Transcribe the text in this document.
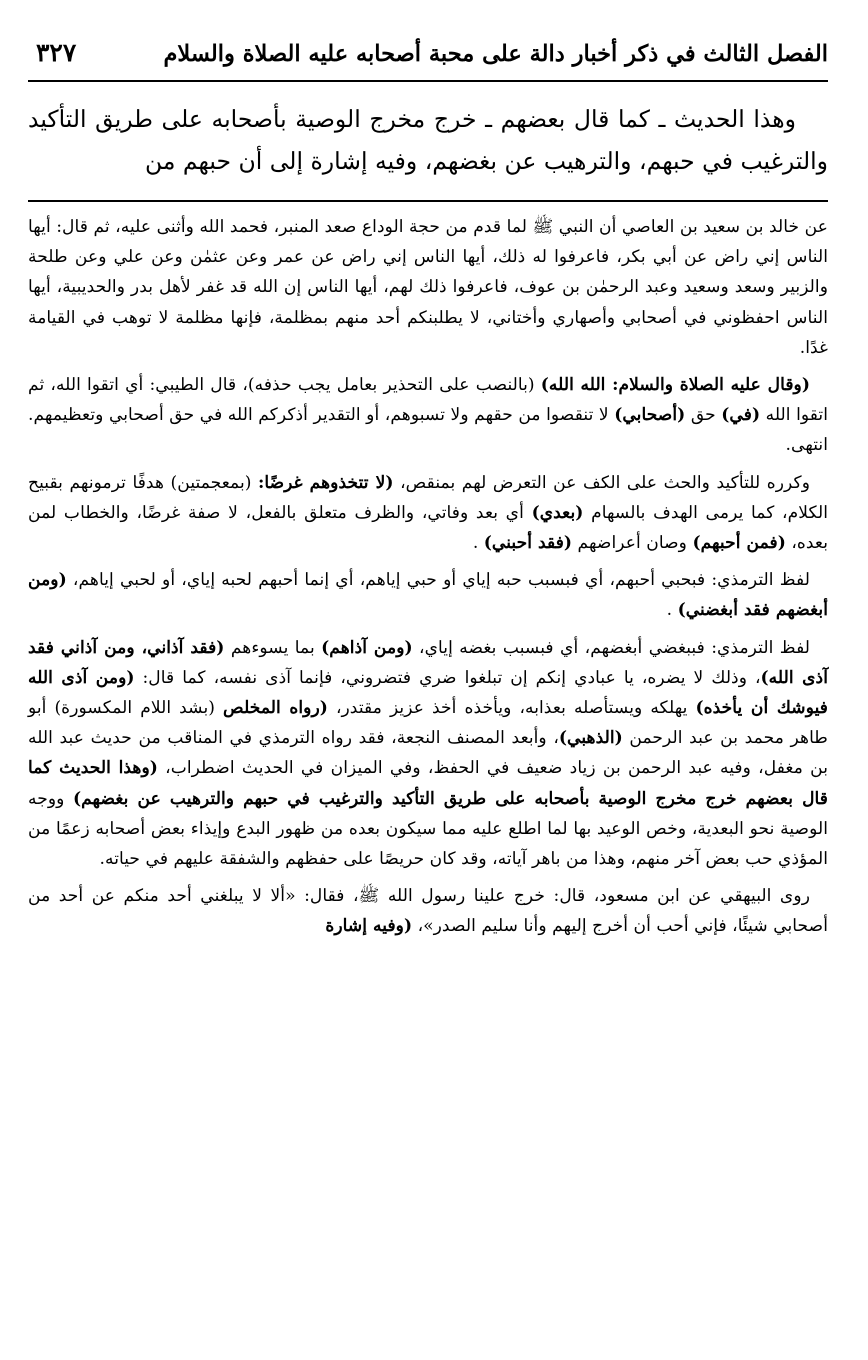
الفصل الثالث في ذكر أخبار دالة على محبة أصحابه عليه الصلاة والسلام
٣٢٧

وهذا الحديث ـ كما قال بعضهم ـ خرج مخرج الوصية بأصحابه على طريق التأكيد والترغيب في حبهم، والترهيب عن بغضهم، وفيه إشارة إلى أن حبهم من

عن خالد بن سعيد بن العاصي أن النبي ﷺ لما قدم من حجة الوداع صعد المنبر، فحمد الله وأثنى عليه، ثم قال: أيها الناس إني راض عن أبي بكر، فاعرفوا له ذلك، أيها الناس إني راض عن عمر وعن عثمٰن وعن علي وعن طلحة والزبير وسعد وسعيد وعبد الرحمٰن بن عوف، فاعرفوا ذلك لهم، أيها الناس إن الله قد غفر لأهل بدر والحديبية، أيها الناس احفظوني في أصحابي وأصهاري وأختاني، لا يطلبنكم أحد منهم بمظلمة، فإنها مظلمة لا توهب في القيامة غدًا.

(وقال عليه الصلاة والسلام: الله الله) (بالنصب على التحذير بعامل يجب حذفه)، قال الطيبي: أي اتقوا الله، ثم اتقوا الله (في) حق (أصحابي) لا تنقصوا من حقهم ولا تسبوهم، أو التقدير أذكركم الله في حق أصحابي وتعظيمهم. انتهى.

وكرره للتأكيد والحث على الكف عن التعرض لهم بمنقص، (لا تتخذوهم غرضًا: (بمعجمتين) هدفًا ترمونهم بقبيح الكلام، كما يرمى الهدف بالسهام (بعدي) أي بعد وفاتي، والظرف متعلق بالفعل، لا صفة غرضًا، والخطاب لمن بعده، (فمن أحبهم) وصان أعراضهم (فقد أحبني) .

لفظ الترمذي: فبحبي أحبهم، أي فبسبب حبه إياي أو حبي إياهم، أي إنما أحبهم لحبه إياي، أو لحبي إياهم، (ومن أبغضهم فقد أبغضني) .

لفظ الترمذي: فببغضي أبغضهم، أي فبسبب بغضه إياي، (ومن آذاهم) بما يسوءهم (فقد آذاني، ومن آذاني فقد آذى الله)، وذلك لا يضره، يا عبادي إنكم إن تبلغوا ضري فتضروني، فإنما آذى نفسه، كما قال: (ومن آذى الله فيوشك أن يأخذه) يهلكه ويستأصله بعذابه، ويأخذه أخذ عزيز مقتدر، (رواه المخلص (بشد اللام المكسورة) أبو طاهر محمد بن عبد الرحمن (الذهبي)، وأبعد المصنف النجعة، فقد رواه الترمذي في المناقب من حديث عبد الله بن مغفل، وفيه عبد الرحمن بن زياد ضعيف في الحفظ، وفي الميزان في الحديث اضطراب، (وهذا الحديث كما قال بعضهم خرج مخرج الوصية بأصحابه على طريق التأكيد والترغيب في حبهم والترهيب عن بغضهم) ووجه الوصية نحو البعدية، وخص الوعيد بها لما اطلع عليه مما سيكون بعده من ظهور البدع وإيذاء بعض أصحابه زعمًا من المؤذي حب بعض آخر منهم، وهذا من باهر آياته، وقد كان حريصًا على حفظهم والشفقة عليهم في حياته.

روى البيهقي عن ابن مسعود، قال: خرج علينا رسول الله ﷺ، فقال: «ألا لا يبلغني أحد منكم عن أحد من أصحابي شيئًا، فإني أحب أن أخرج إليهم وأنا سليم الصدر»، (وفيه إشارة
